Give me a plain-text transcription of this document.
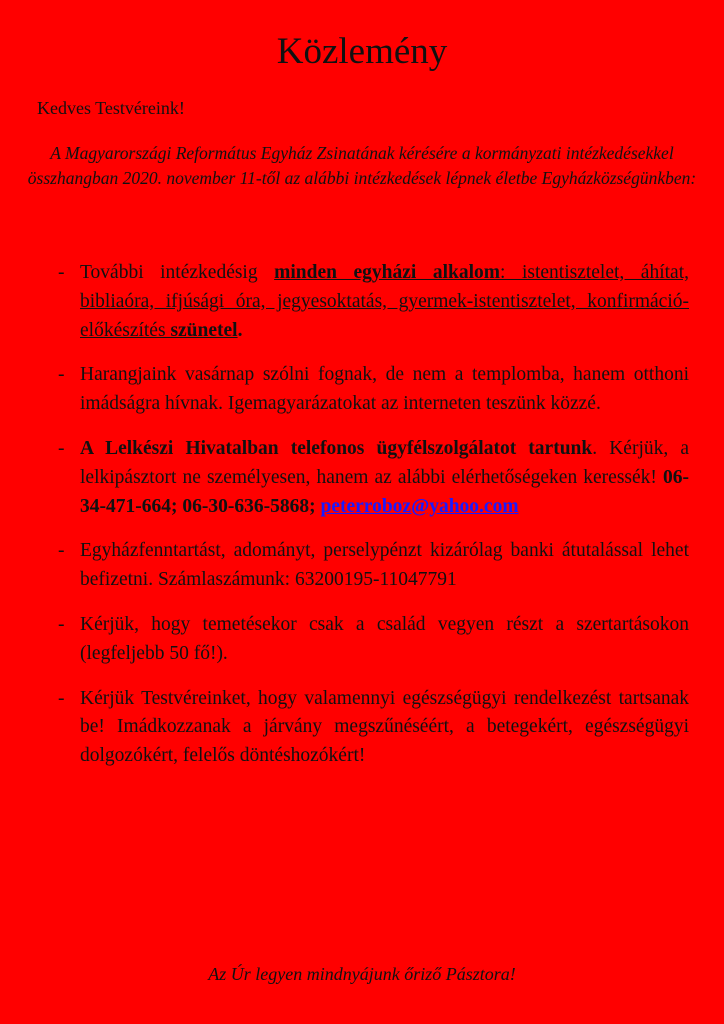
Közlemény
Kedves Testvéreink!
A Magyarországi Református Egyház Zsinatának kérésére a kormányzati intézkedésekkel összhangban 2020. november 11-től az alábbi intézkedések lépnek életbe Egyházközségünkben:
- További intézkedésig minden egyházi alkalom: istentisztelet, áhítat, bibliaóra, ifjúsági óra, jegyesoktatás, gyermek-istentisztelet, konfirmáció-előkészítés szünetel.
- Harangjaink vasárnap szólni fognak, de nem a templomba, hanem otthoni imádságra hívnak. Igemagyarázatokat az interneten teszünk közzé.
- A Lelkészi Hivatalban telefonos ügyfélszolgálatot tartunk. Kérjük, a lelkipásztort ne személyesen, hanem az alábbi elérhetőségeken keressék! 06-34-471-664; 06-30-636-5868; peterroboz@yahoo.com
- Egyházfenntartást, adományt, perselypénzt kizárólag banki átutalással lehet befizetni. Számlaszámunk: 63200195-11047791
- Kérjük, hogy temetésekor csak a család vegyen részt a szertartásokon (legfeljebb 50 fő!).
- Kérjük Testvéreinket, hogy valamennyi egészségügyi rendelkezést tartsanak be! Imádkozzanak a járvány megszűnéséért, a betegekért, egészségügyi dolgozókért, felelős döntéshozókért!
Az Úr legyen mindnyájunk őriző Pásztora!
